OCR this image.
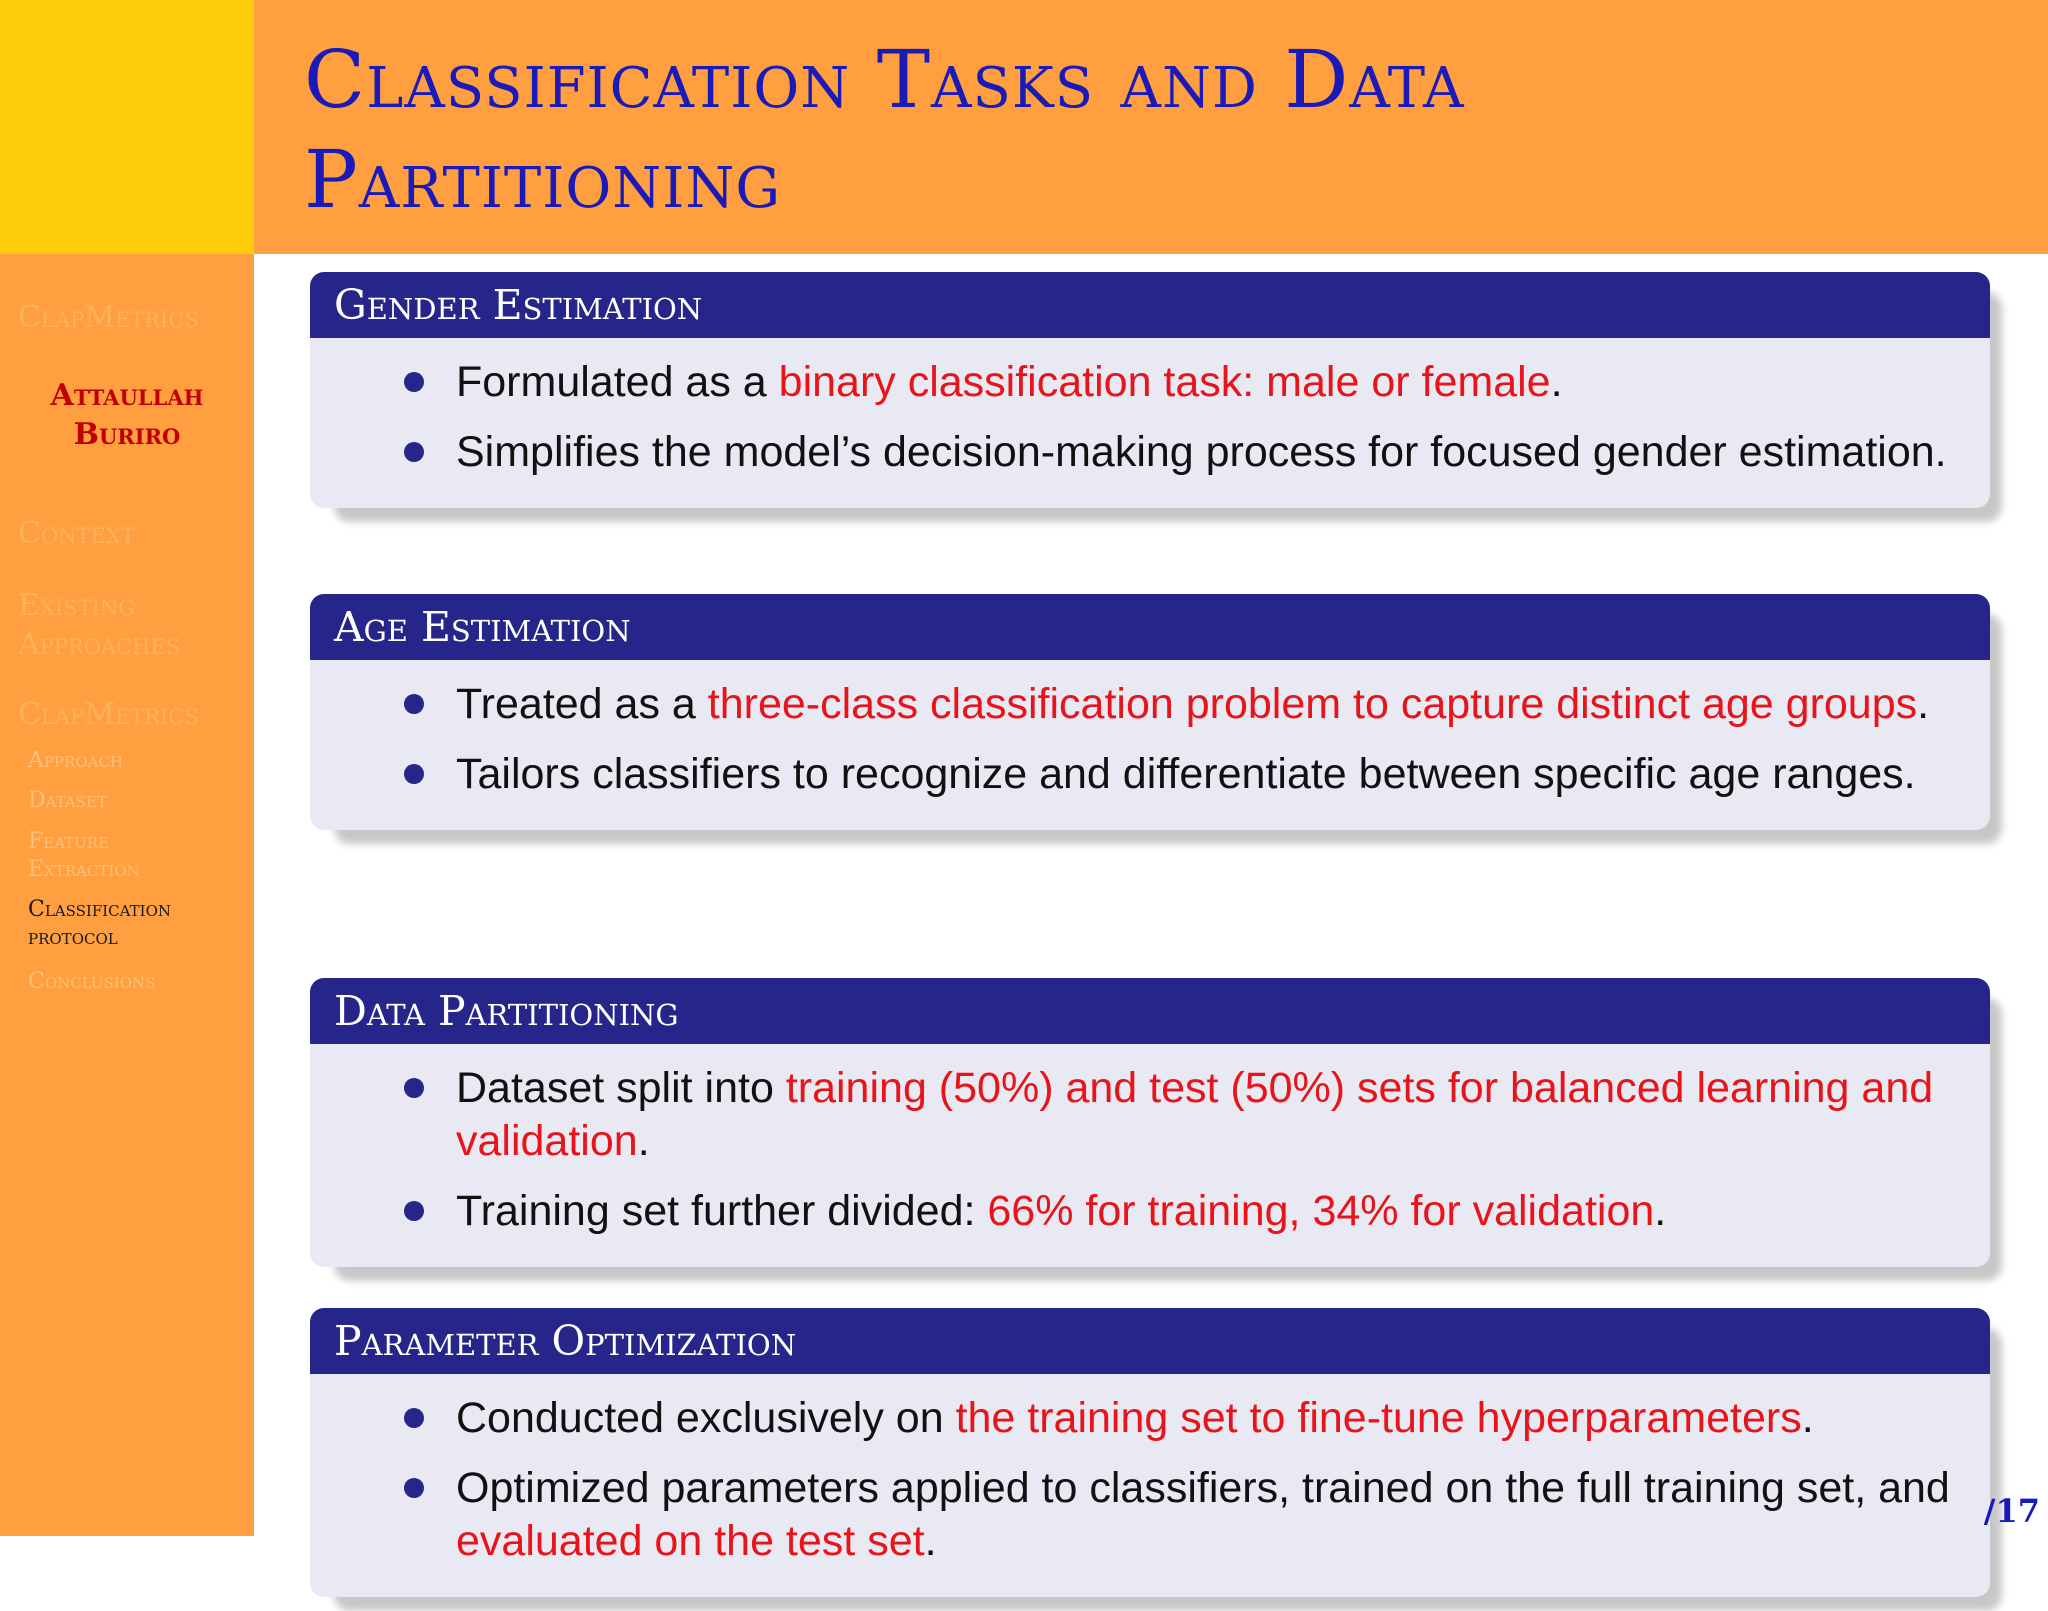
Classification Tasks and Data
Partitioning
ClapMetrics
Attaullah
Buriro
Context
Existing
Approaches
ClapMetrics
Approach
Dataset
Feature
Extraction
Classification
protocol
Conclusions
Gender Estimation
Formulated as a binary classification task: male or female.
Simplifies the model’s decision-making process for focused gender estimation.
Age Estimation
Treated as a three-class classification problem to capture distinct age groups.
Tailors classifiers to recognize and differentiate between specific age ranges.
Data Partitioning
Dataset split into training (50%) and test (50%) sets for balanced learning and validation.
Training set further divided: 66% for training, 34% for validation.
Parameter Optimization
Conducted exclusively on the training set to fine-tune hyperparameters.
Optimized parameters applied to classifiers, trained on the full training set, and evaluated on the test set.
/17
